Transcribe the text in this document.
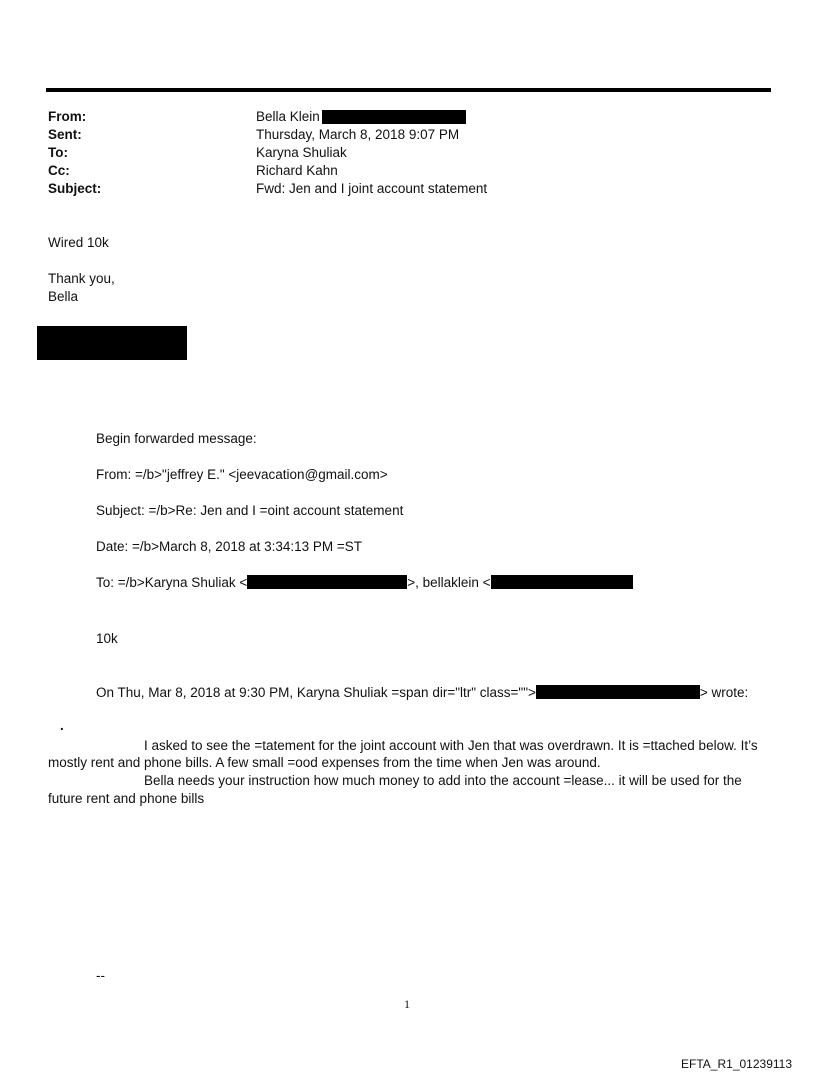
From:	Bella Klein
Sent:	Thursday, March 8, 2018 9:07 PM
To:	Karyna Shuliak
Cc:	Richard Kahn
Subject:	Fwd: Jen and I joint account statement
Wired 10k
Thank you,
Bella
Begin forwarded message:
From: =/b>"jeffrey E." <jeevacation@gmail.com>
Subject: =/b>Re: Jen and I =oint account statement
Date: =/b>March 8, 2018 at 3:34:13 PM =ST
To: =/b>Karyna Shuliak <	>, bellaklein <
10k
On Thu, Mar 8, 2018 at 9:30 PM, Karyna Shuliak =span dir="ltr" class="">	> wrote:
.
I asked to see the =tatement for the joint account with Jen that was overdrawn. It is =ttached below. It’s
mostly rent and phone bills. A few small =ood expenses from the time when Jen was around.
Bella needs your instruction how much money to add into the account =lease... it will be used for the
future rent and phone bills
--
1
EFTA_R1_01239113
